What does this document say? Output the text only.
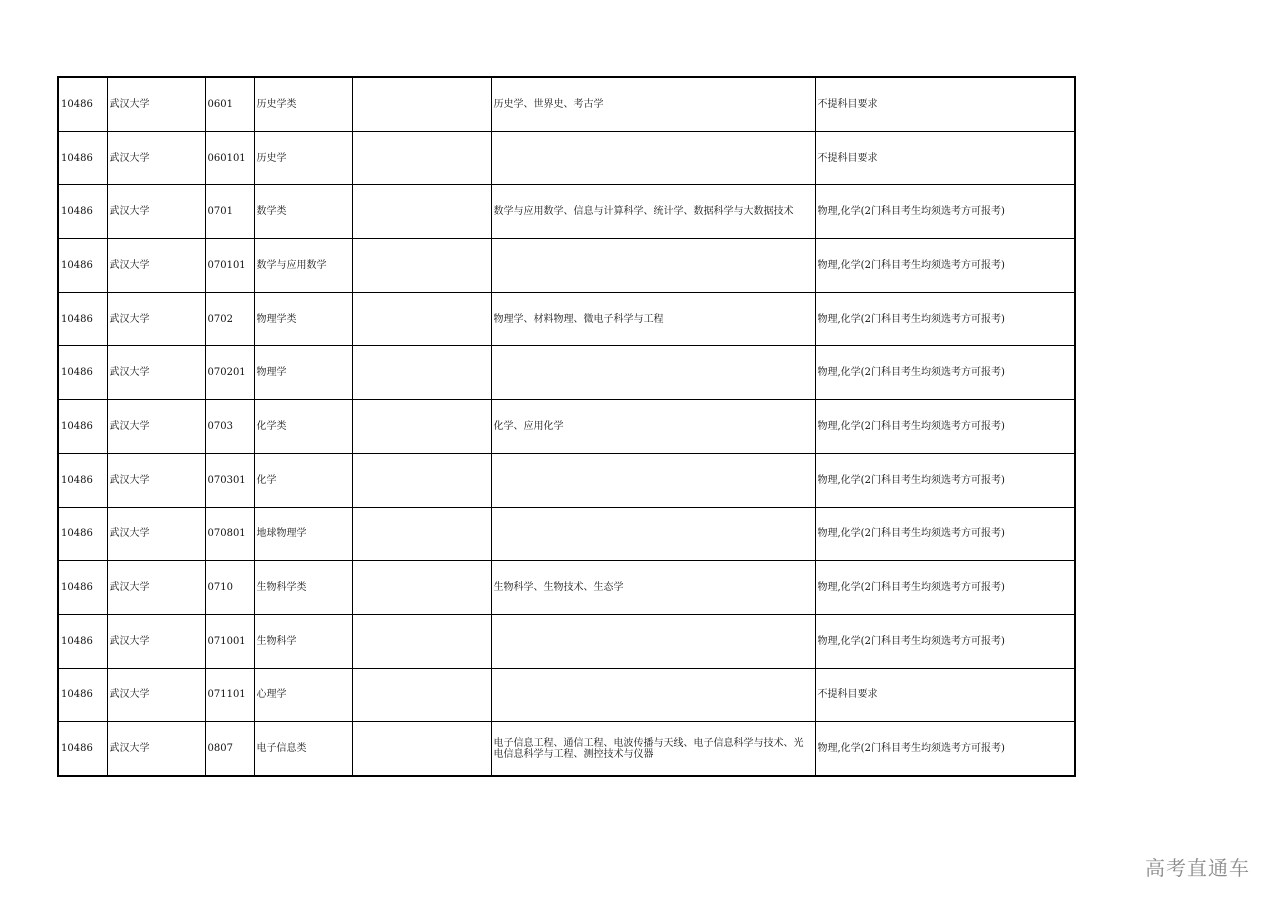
10486	武汉大学	0601	历史学类		历史学、世界史、考古学	不提科目要求
10486	武汉大学	060101	历史学			不提科目要求
10486	武汉大学	0701	数学类		数学与应用数学、信息与计算科学、统计学、数据科学与大数据技术	物理,化学(2门科目考生均须选考方可报考)
10486	武汉大学	070101	数学与应用数学			物理,化学(2门科目考生均须选考方可报考)
10486	武汉大学	0702	物理学类		物理学、材料物理、微电子科学与工程	物理,化学(2门科目考生均须选考方可报考)
10486	武汉大学	070201	物理学			物理,化学(2门科目考生均须选考方可报考)
10486	武汉大学	0703	化学类		化学、应用化学	物理,化学(2门科目考生均须选考方可报考)
10486	武汉大学	070301	化学			物理,化学(2门科目考生均须选考方可报考)
10486	武汉大学	070801	地球物理学			物理,化学(2门科目考生均须选考方可报考)
10486	武汉大学	0710	生物科学类		生物科学、生物技术、生态学	物理,化学(2门科目考生均须选考方可报考)
10486	武汉大学	071001	生物科学			物理,化学(2门科目考生均须选考方可报考)
10486	武汉大学	071101	心理学			不提科目要求
10486	武汉大学	0807	电子信息类		电子信息工程、通信工程、电波传播与天线、电子信息科学与技术、光电信息科学与工程、测控技术与仪器	物理,化学(2门科目考生均须选考方可报考)
高考直通车
